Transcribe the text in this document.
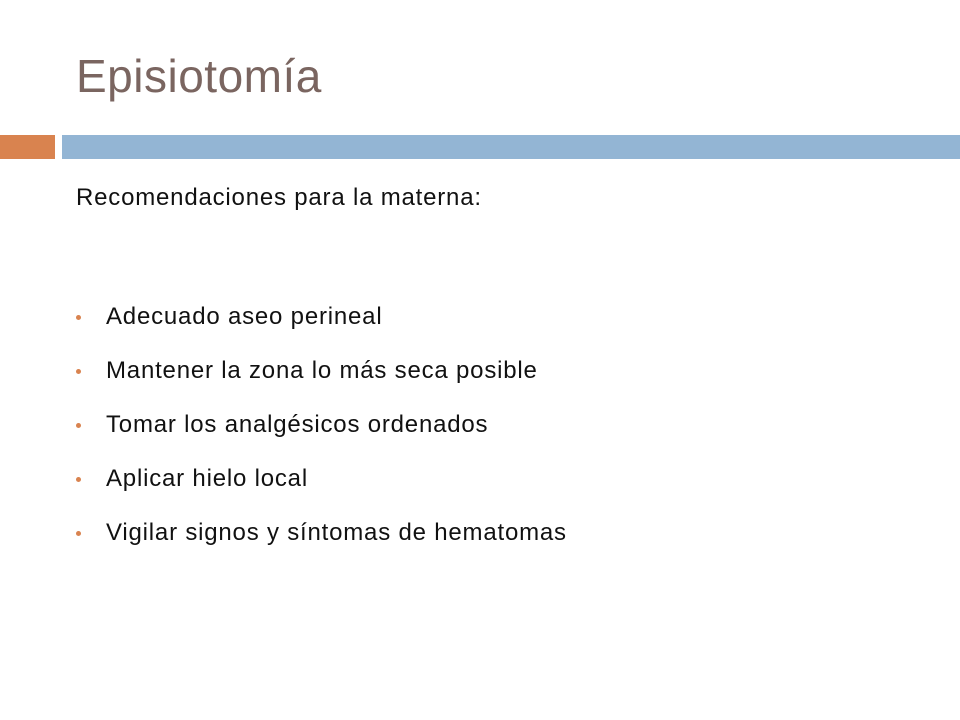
Episiotomía
Recomendaciones para la materna:
Adecuado aseo perineal
Mantener la zona lo más seca posible
Tomar los analgésicos ordenados
Aplicar hielo local
Vigilar signos y síntomas de hematomas
